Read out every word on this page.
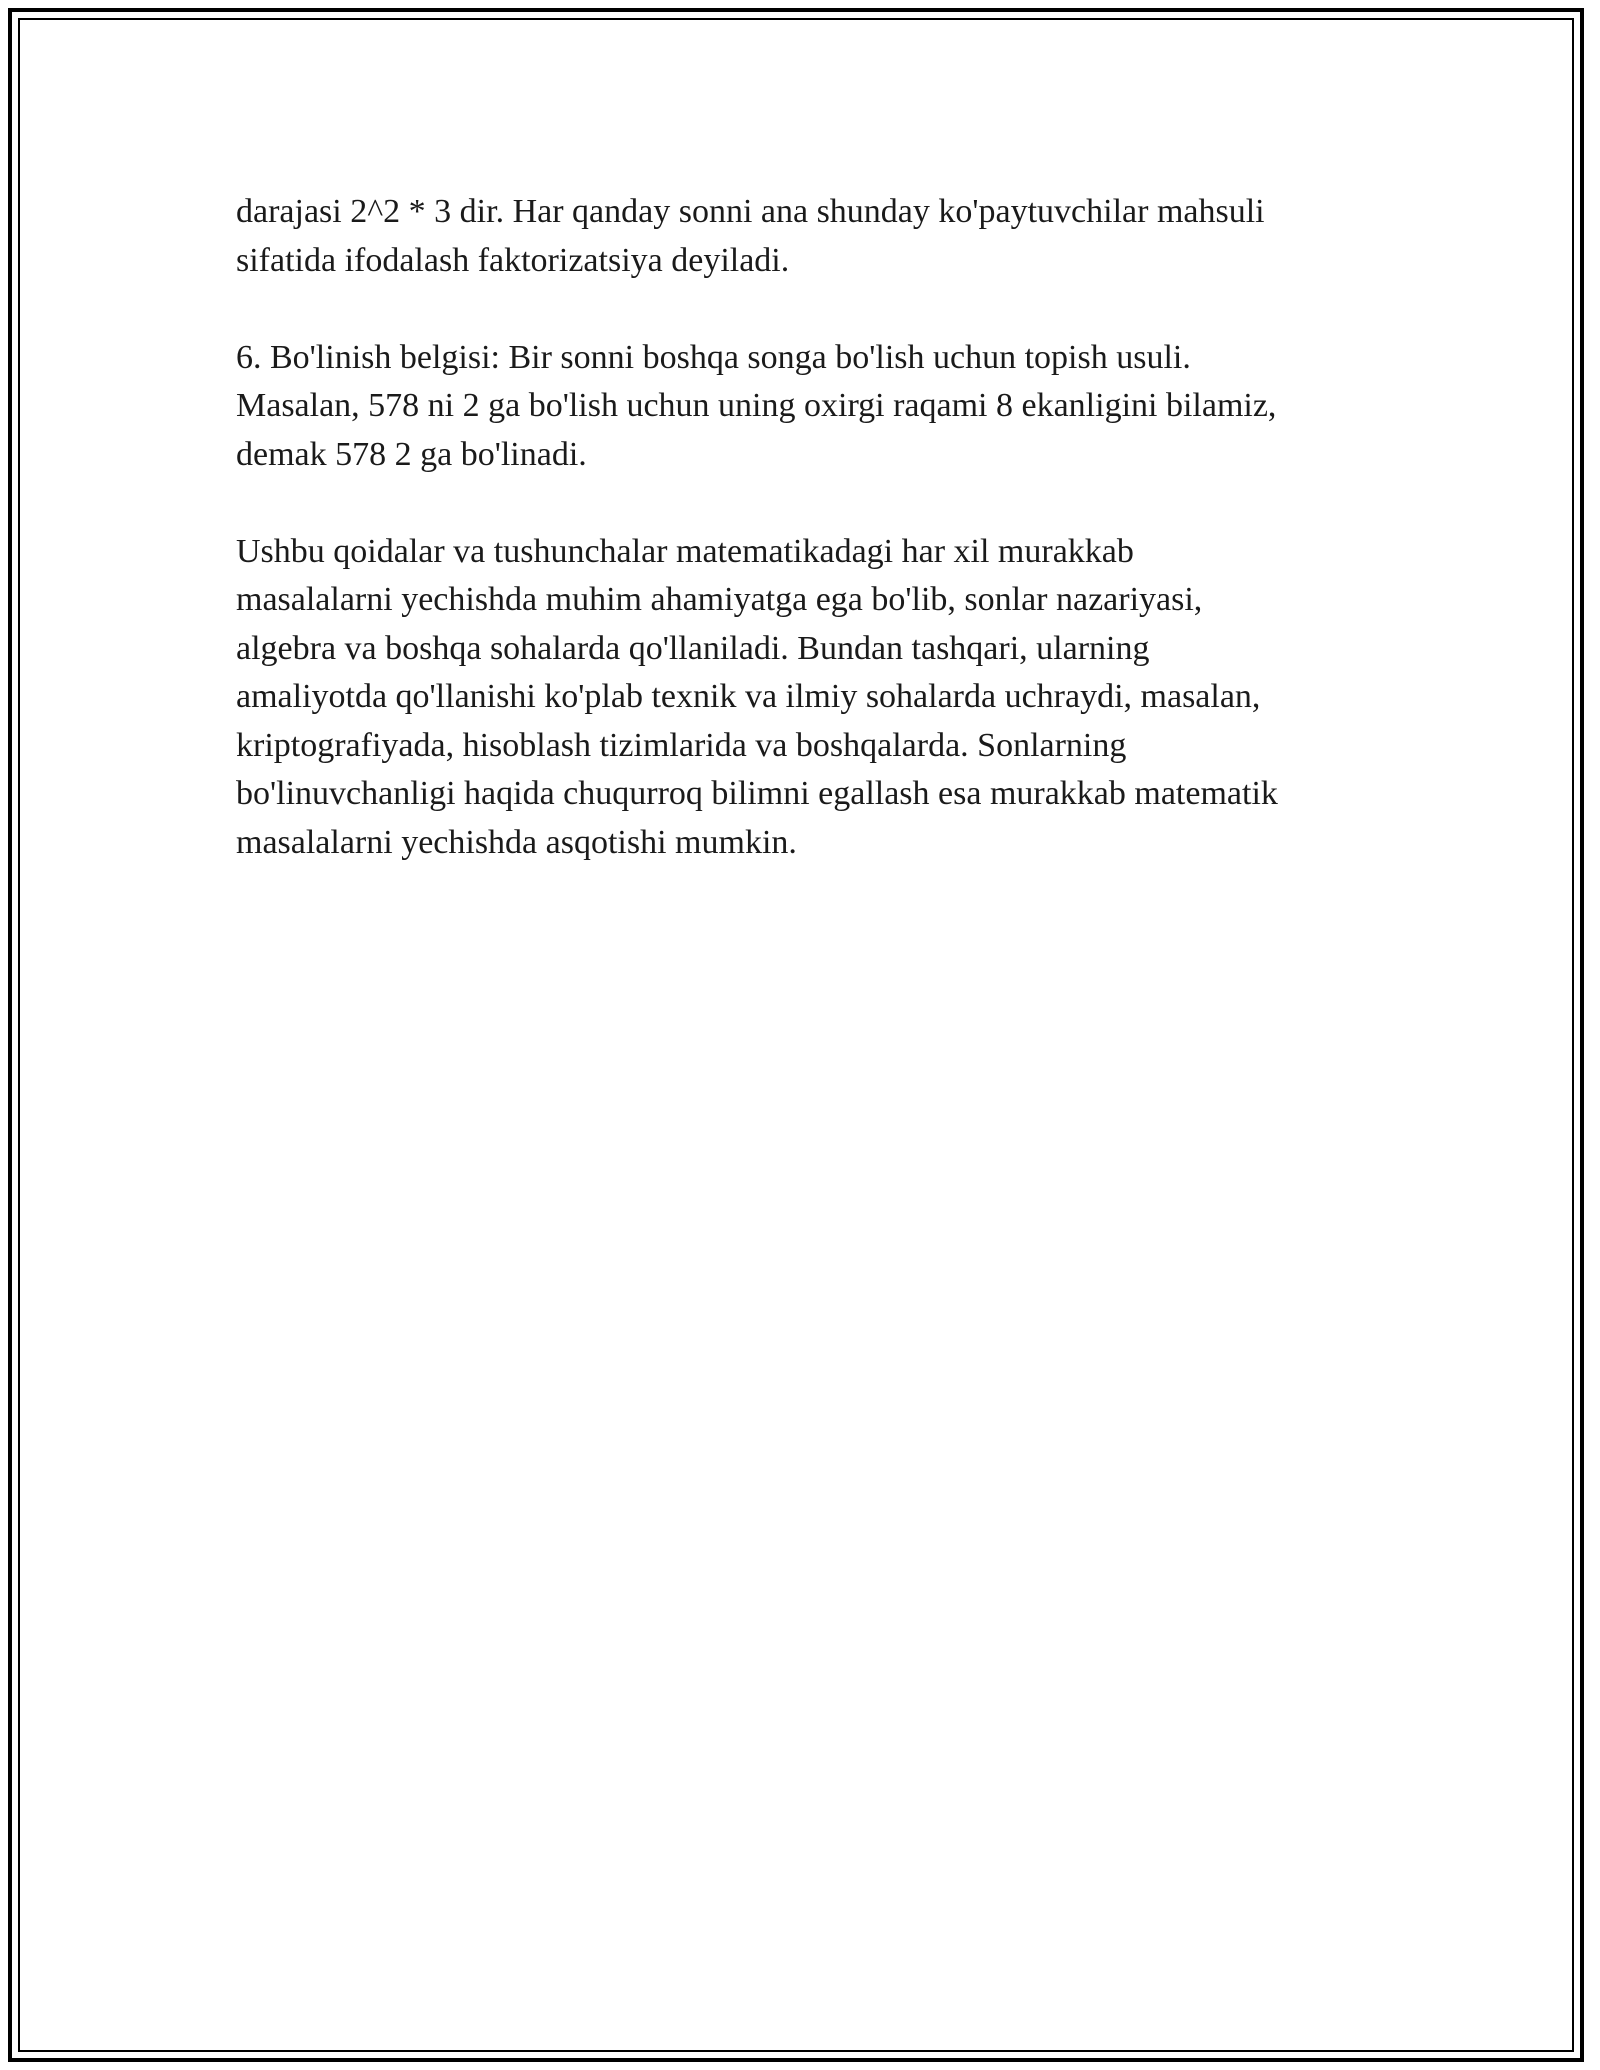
darajasi 2^2 * 3 dir. Har qanday sonni ana shunday ko'paytuvchilar mahsuli
sifatida ifodalash faktorizatsiya deyiladi.

6. Bo'linish belgisi: Bir sonni boshqa songa bo'lish uchun topish usuli.
Masalan, 578 ni 2 ga bo'lish uchun uning oxirgi raqami 8 ekanligini bilamiz,
demak 578 2 ga bo'linadi.

Ushbu qoidalar va tushunchalar matematikadagi har xil murakkab
masalalarni yechishda muhim ahamiyatga ega bo'lib, sonlar nazariyasi,
algebra va boshqa sohalarda qo'llaniladi. Bundan tashqari, ularning
amaliyotda qo'llanishi ko'plab texnik va ilmiy sohalarda uchraydi, masalan,
kriptografiyada, hisoblash tizimlarida va boshqalarda. Sonlarning
bo'linuvchanligi haqida chuqurroq bilimni egallash esa murakkab matematik
masalalarni yechishda asqotishi mumkin.
